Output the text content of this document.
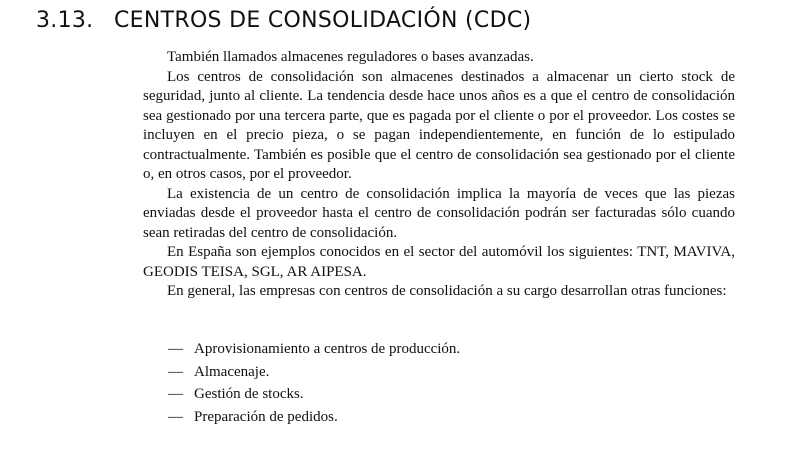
3.13. CENTROS DE CONSOLIDACIÓN (CDC)

También llamados almacenes reguladores o bases avanzadas.

Los centros de consolidación son almacenes destinados a almacenar un cierto stock de seguridad, junto al cliente. La tendencia desde hace unos años es a que el centro de consolidación sea gestionado por una tercera parte, que es pagada por el cliente o por el proveedor. Los costes se incluyen en el precio pieza, o se pagan independientemente, en función de lo estipulado contractualmente. También es posible que el centro de consolidación sea gestionado por el cliente o, en otros casos, por el proveedor.

La existencia de un centro de consolidación implica la mayoría de veces que las piezas enviadas desde el proveedor hasta el centro de consolidación podrán ser facturadas sólo cuando sean retiradas del centro de consolidación.

En España son ejemplos conocidos en el sector del automóvil los siguientes: TNT, MAVIVA, GEODIS TEISA, SGL, AR AIPESA.

En general, las empresas con centros de consolidación a su cargo desarrollan otras funciones:

— Aprovisionamiento a centros de producción.
— Almacenaje.
— Gestión de stocks.
— Preparación de pedidos.
